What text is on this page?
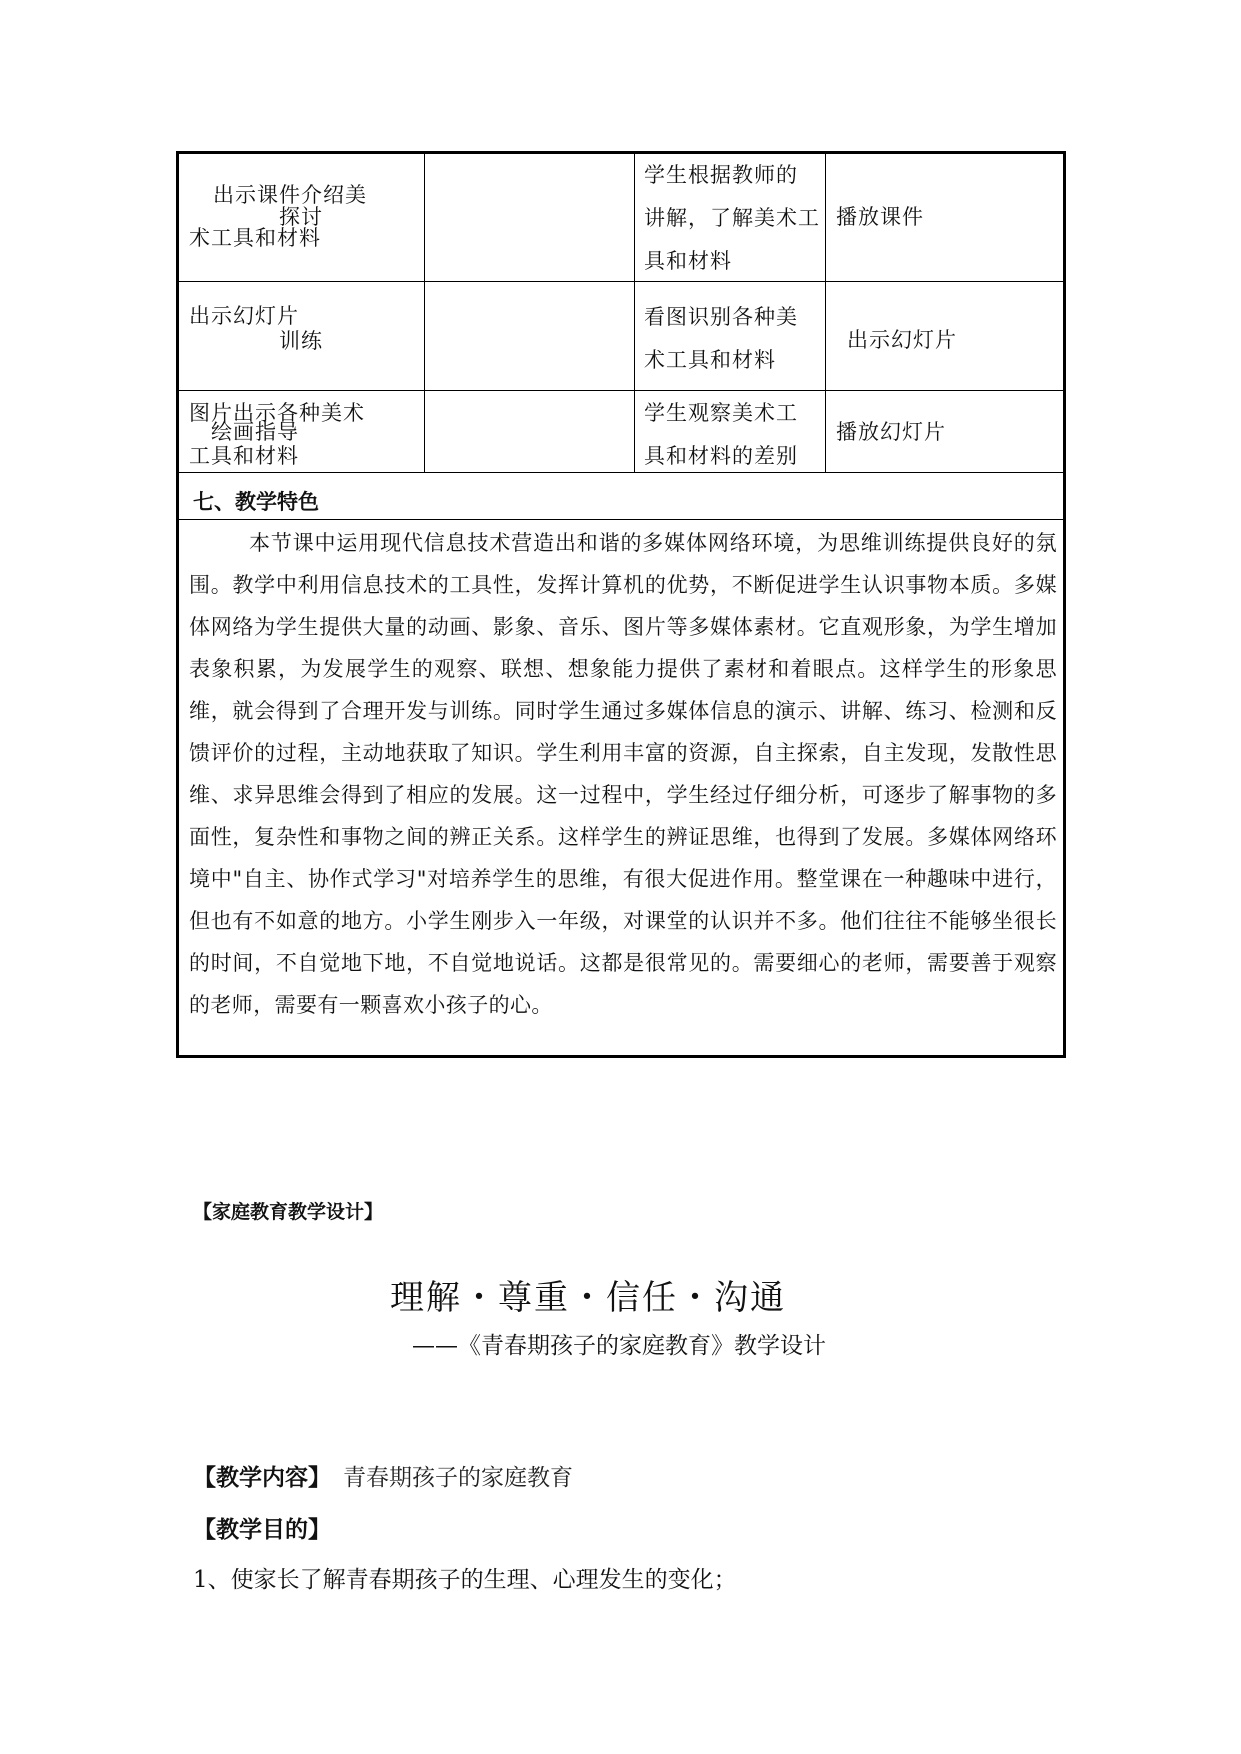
探讨
出示课件介绍美
术工具和材料
学生根据教师的
讲解，了解美术工
具和材料
播放课件
训练
出示幻灯片	看图识别各种美
术工具和材料
出示幻灯片
绘画指导
图片出示各种美术
工具和材料
学生观察美术工
具和材料的差别
播放幻灯片
七、教学特色
本节课中运用现代信息技术营造出和谐的多媒体网络环境，为思维训练提供良好的氛围。教学中利用信息技术的工具性，发挥计算机的优势，不断促进学生认识事物本质。多媒体网络为学生提供大量的动画、影象、音乐、图片等多媒体素材。它直观形象，为学生增加表象积累，为发展学生的观察、联想、想象能力提供了素材和着眼点。这样学生的形象思维，就会得到了合理开发与训练。同时学生通过多媒体信息的演示、讲解、练习、检测和反馈评价的过程，主动地获取了知识。学生利用丰富的资源，自主探索，自主发现，发散性思维、求异思维会得到了相应的发展。这一过程中，学生经过仔细分析，可逐步了解事物的多面性，复杂性和事物之间的辨正关系。这样学生的辨证思维，也得到了发展。多媒体网络环境中"自主、协作式学习"对培养学生的思维，有很大促进作用。整堂课在一种趣味中进行，但也有不如意的地方。小学生刚步入一年级，对课堂的认识并不多。他们往往不能够坐很长的时间，不自觉地下地，不自觉地说话。这都是很常见的。需要细心的老师，需要善于观察的老师，需要有一颗喜欢小孩子的心。
【家庭教育教学设计】
理解・尊重・信任・沟通
——《青春期孩子的家庭教育》教学设计
【教学内容】 青春期孩子的家庭教育
【教学目的】
1、使家长了解青春期孩子的生理、心理发生的变化；
